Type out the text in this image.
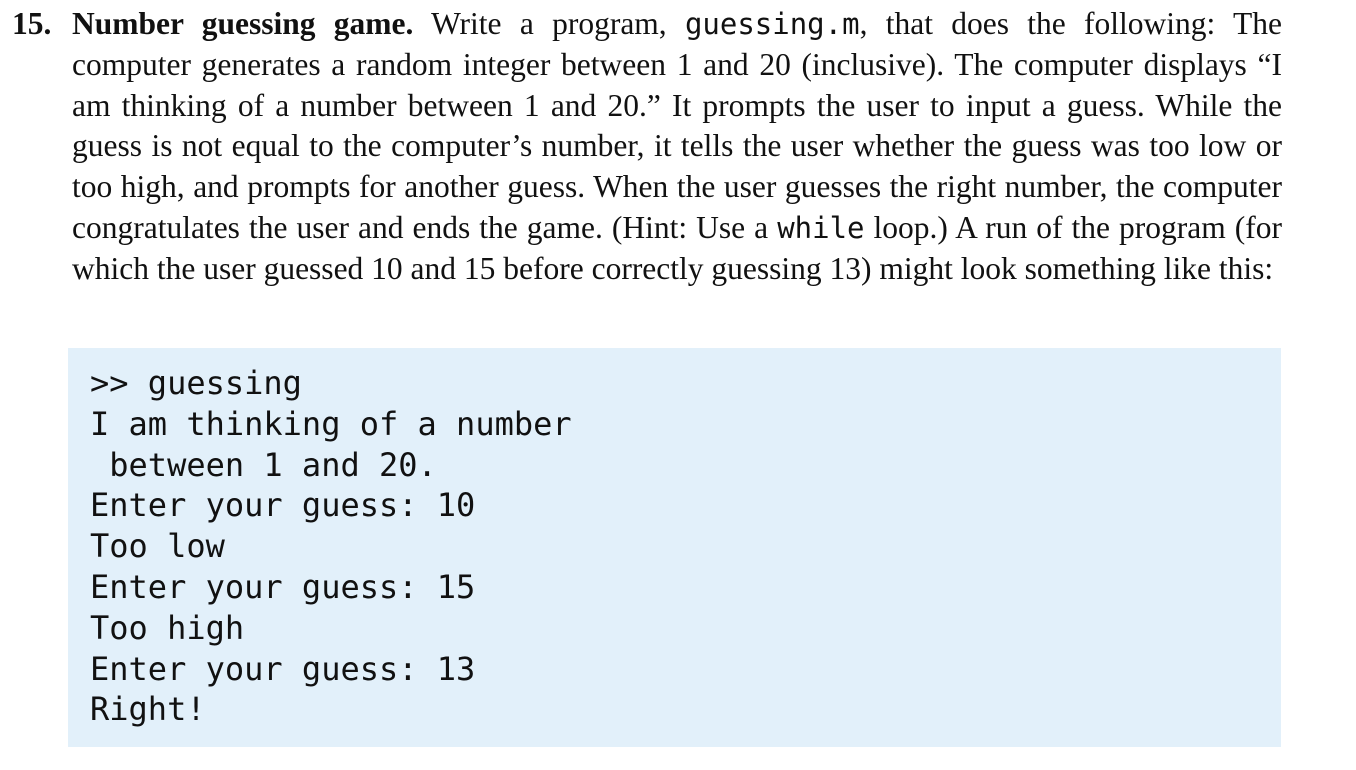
15. Number guessing game. Write a program, guessing.m, that does the following: The computer generates a random integer between 1 and 20 (inclusive). The computer displays “I am thinking of a number between 1 and 20.” It prompts the user to input a guess. While the guess is not equal to the computer’s number, it tells the user whether the guess was too low or too high, and prompts for another guess. When the user guesses the right number, the computer congratulates the user and ends the game. (Hint: Use a while loop.) A run of the program (for which the user guessed 10 and 15 before correctly guessing 13) might look something like this:

>> guessing
I am thinking of a number
between 1 and 20.
Enter your guess: 10
Too low
Enter your guess: 15
Too high
Enter your guess: 13
Right!
